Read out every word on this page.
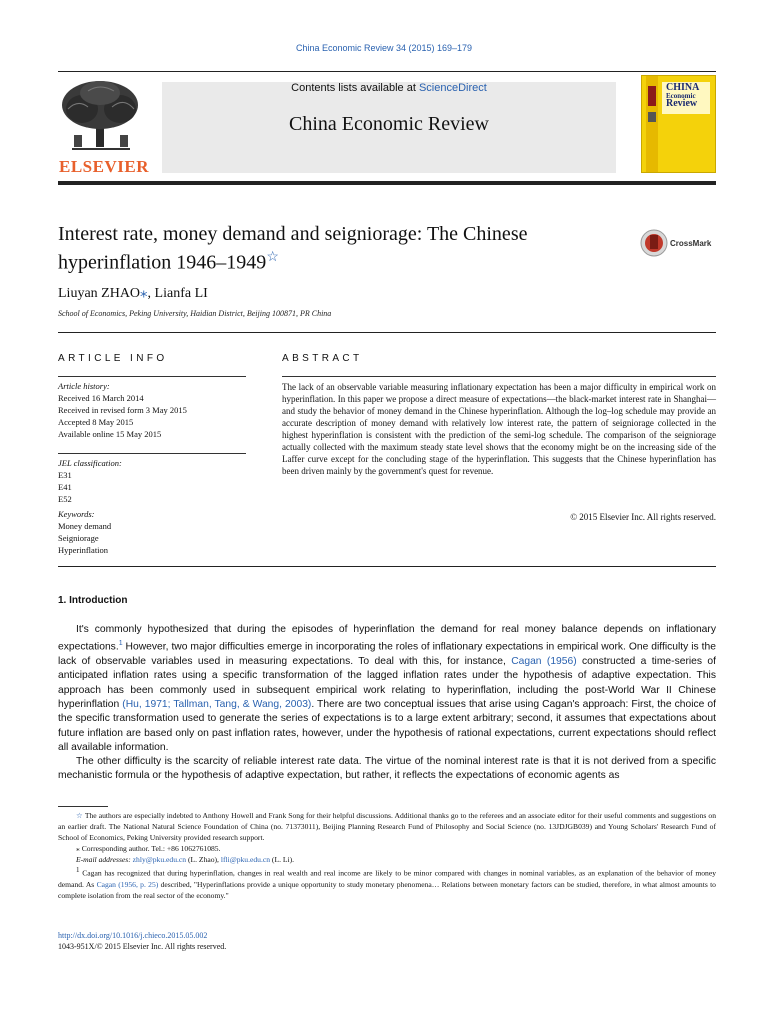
China Economic Review 34 (2015) 169–179
ELSEVIER
Contents lists available at ScienceDirect
China Economic Review
CHINA
Economic
Review
Interest rate, money demand and seigniorage: The Chinese
hyperinflation 1946–1949☆
CrossMark
Liuyan ZHAO⁎, Lianfa LI
School of Economics, Peking University, Haidian District, Beijing 100871, PR China
ARTICLE INFO
Article history:
Received 16 March 2014
Received in revised form 3 May 2015
Accepted 8 May 2015
Available online 15 May 2015
JEL classification:
E31
E41
E52
Keywords:
Money demand
Seigniorage
Hyperinflation
ABSTRACT
The lack of an observable variable measuring inflationary expectation has been a major difficulty in empirical work on hyperinflation. In this paper we propose a direct measure of expectations—the black-market interest rate in Shanghai—and study the behavior of money demand in the Chinese hyperinflation. Although the log–log schedule may provide an accurate description of money demand with relatively low interest rate, the pattern of seigniorage collected in the highest hyperinflation is consistent with the prediction of the semi-log schedule. The comparison of the seigniorage actually collected with the maximum steady state level shows that the economy might be on the increasing side of the Laffer curve except for the concluding stage of the hyperinflation. This suggests that the Chinese hyperinflation has been driven mainly by the government's quest for revenue.
© 2015 Elsevier Inc. All rights reserved.
1. Introduction

It's commonly hypothesized that during the episodes of hyperinflation the demand for real money balance depends on inflationary expectations.$^1$ However, two major difficulties emerge in incorporating the roles of inflationary expectations in empirical work. One difficulty is the lack of observable variables used in measuring expectations. To deal with this, for instance, Cagan (1956) constructed a time-series of anticipated inflation rates using a specific transformation of the lagged inflation rates under the hypothesis of adaptive expectation. This approach has been commonly used in subsequent empirical work relating to hyperinflation, including the post-World War II Chinese hyperinflation (Hu, 1971; Tallman, Tang, & Wang, 2003). There are two conceptual issues that arise using Cagan's approach: First, the choice of the specific transformation used to generate the series of expectations is to a large extent arbitrary; second, it assumes that expectations about future inflation are based only on past inflation rates, however, under the hypothesis of rational expectations, current expectations should reflect all available information.

The other difficulty is the scarcity of reliable interest rate data. The virtue of the nominal interest rate is that it is not derived from a specific mechanistic formula or the hypothesis of adaptive expectation, but rather, it reflects the expectations of economic agents as

☆ The authors are especially indebted to Anthony Howell and Frank Song for their helpful discussions. Additional thanks go to the referees and an associate editor for their useful comments and suggestions on an earlier draft. The National Natural Science Foundation of China (no. 71373011), Beijing Planning Research Fund of Philosophy and Social Science (no. 13JDJGB039) and Young Scholars' Research Fund of School of Economics, Peking University provided research support.

⁎ Corresponding author. Tel.: +86 1062761085.

E-mail addresses: zhly@pku.edu.cn (L. Zhao), lfli@pku.edu.cn (L. Li).

$^1$ Cagan has recognized that during hyperinflation, changes in real wealth and real income are likely to be minor compared with changes in nominal variables, as an explanation of the behavior of money demand. As Cagan (1956, p. 25) described, "Hyperinflations provide a unique opportunity to study monetary phenomena… Relations between monetary factors can be studied, therefore, in what almost amounts to complete isolation from the real sector of the economy."

http://dx.doi.org/10.1016/j.chieco.2015.05.002
1043-951X/© 2015 Elsevier Inc. All rights reserved.
